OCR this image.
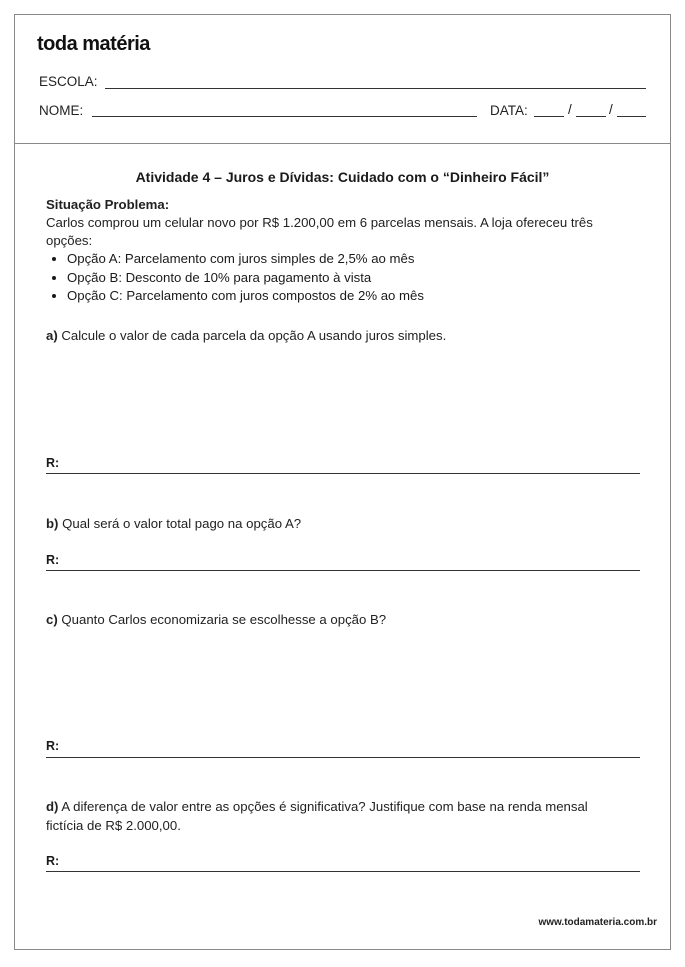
toda matéria
ESCOLA:
NOME:	DATA:	/	/
Atividade 4 – Juros e Dívidas: Cuidado com o “Dinheiro Fácil”
Situação Problema:
Carlos comprou um celular novo por R$ 1.200,00 em 6 parcelas mensais. A loja ofereceu três
opções:
• Opção A: Parcelamento com juros simples de 2,5% ao mês
• Opção B: Desconto de 10% para pagamento à vista
• Opção C: Parcelamento com juros compostos de 2% ao mês
a) Calcule o valor de cada parcela da opção A usando juros simples.
R:
b) Qual será o valor total pago na opção A?
R:
c) Quanto Carlos economizaria se escolhesse a opção B?
R:
d) A diferença de valor entre as opções é significativa? Justifique com base na renda mensal
fictícia de R$ 2.000,00.
R:
www.todamateria.com.br
